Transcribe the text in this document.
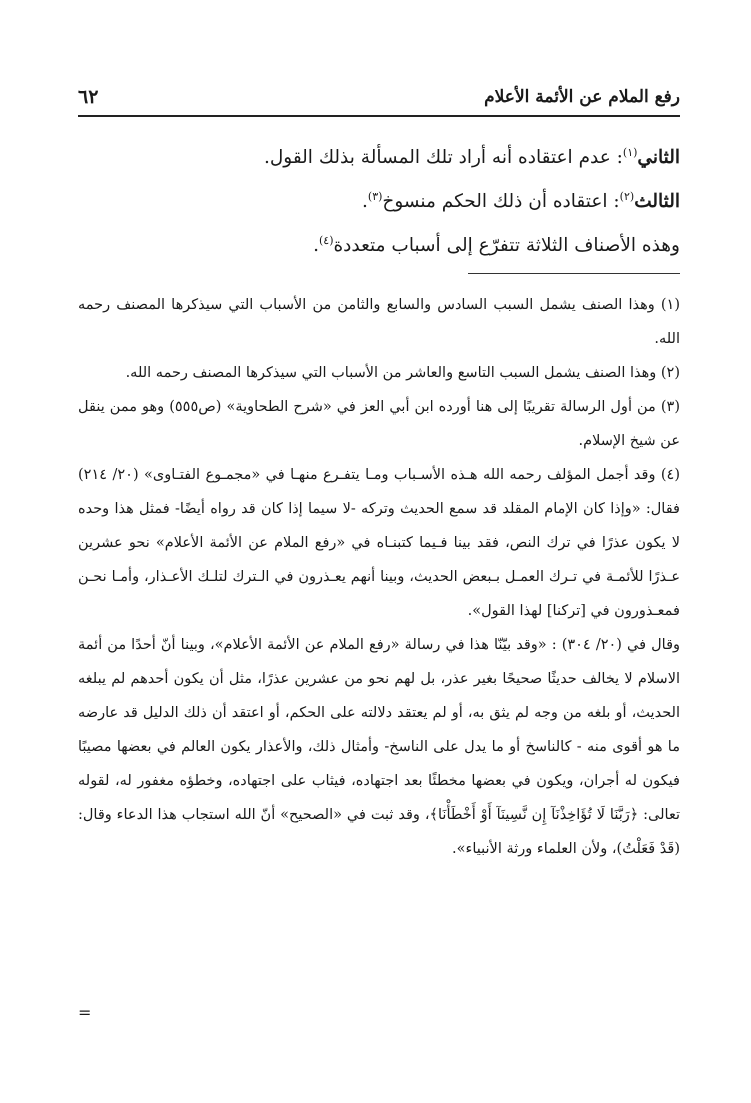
رفع الملام عن الأئمة الأعلام
٦٢

الثاني$^{(١)}$: عدم اعتقاده أنه أراد تلك المسألة بذلك القول.

الثالث$^{(٢)}$: اعتقاده أن ذلك الحكم منسوخ$^{(٣)}$.

وهذه الأصناف الثلاثة تتفرّع إلى أسباب متعددة$^{(٤)}$.

(١) وهذا الصنف يشمل السبب السادس والسابع والثامن من الأسباب التي سيذكرها المصنف رحمه الله.

(٢) وهذا الصنف يشمل السبب التاسع والعاشر من الأسباب التي سيذكرها المصنف رحمه الله.

(٣) من أول الرسالة تقريبًا إلى هنا أورده ابن أبي العز في «شرح الطحاوية» (ص٥٥٥) وهو ممن ينقل عن شيخ الإسلام.

(٤) وقد أجمل المؤلف رحمه الله هـذه الأسـباب ومـا يتفـرع منهـا في «مجمـوع الفتـاوى» (٢٠/ ٢١٤) فقال: «وإذا كان الإمام المقلد قد سمع الحديث وتركه -لا سيما إذا كان قد رواه أيضًا- فمثل هذا وحده لا يكون عذرًا في ترك النص، فقد بينا فـيما كتبنـاه في «رفع الملام عن الأئمة الأعلام» نحو عشرين عـذرًا للأئمـة في تـرك العمـل بـبعض الحديث، وبينا أنهم يعـذرون في الـترك لتلـك الأعـذار، وأمـا نحـن فمعـذورون في [تركنا] لهذا القول».

وقال في (٢٠/ ٣٠٤) : «وقد بيّنّا هذا في رسالة «رفع الملام عن الأئمة الأعلام»، وبينا أنّ أحدًا من أئمة الاسلام لا يخالف حديثًا صحيحًا بغير عذر، بل لهم نحو من عشرين عذرًا، مثل أن يكون أحدهم لم يبلغه الحديث، أو بلغه من وجه لم يثق به، أو لم يعتقد دلالته على الحكم، أو اعتقد أن ذلك الدليل قد عارضه ما هو أقوى منه - كالناسخ أو ما يدل على الناسخ- وأمثال ذلك، والأعذار يكون العالم في بعضها مصيبًا فيكون له أجران، ويكون في بعضها مخطئًا بعد اجتهاده، فيثاب على اجتهاده، وخطؤه مغفور له، لقوله تعالى: ﴿رَبَّنَا لَا تُؤَاخِذْنَآ إِن نَّسِينَآ أَوْ أَخْطَأْنَا﴾، وقد ثبت في «الصحيح» أنّ الله استجاب هذا الدعاء وقال: (قَدْ فَعَلْتُ)، ولأن العلماء ورثة الأنبياء».

=
